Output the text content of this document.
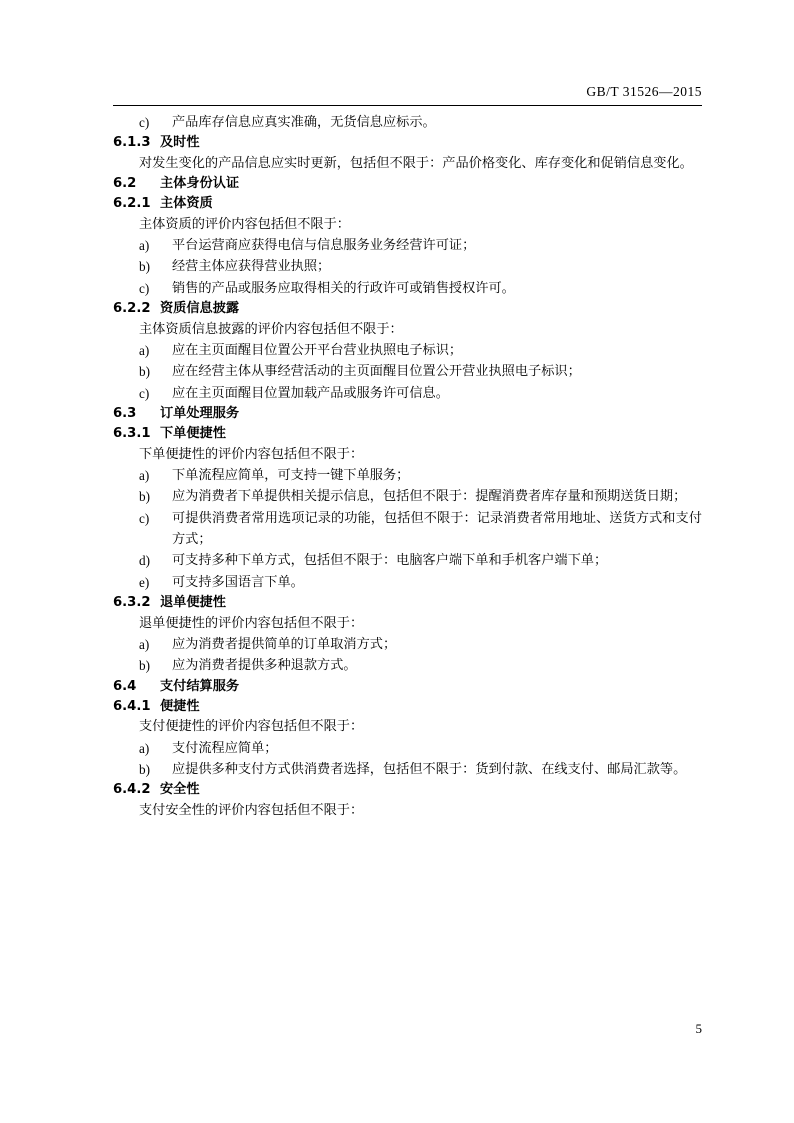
GB/T 31526—2015
c)	产品库存信息应真实准确，无货信息应标示。
6.1.3 及时性

对发生变化的产品信息应实时更新，包括但不限于：产品价格变化、库存变化和促销信息变化。

6.2 主体身份认证
6.2.1 主体资质

主体资质的评价内容包括但不限于：

a)	平台运营商应获得电信与信息服务业务经营许可证；
b)	经营主体应获得营业执照；
c)	销售的产品或服务应取得相关的行政许可或销售授权许可。
6.2.2 资质信息披露

主体资质信息披露的评价内容包括但不限于：

a)	应在主页面醒目位置公开平台营业执照电子标识；
b)	应在经营主体从事经营活动的主页面醒目位置公开营业执照电子标识；
c)	应在主页面醒目位置加载产品或服务许可信息。
6.3 订单处理服务
6.3.1 下单便捷性

下单便捷性的评价内容包括但不限于：

a)	下单流程应简单，可支持一键下单服务；
b)	应为消费者下单提供相关提示信息，包括但不限于：提醒消费者库存量和预期送货日期；
c)	可提供消费者常用选项记录的功能，包括但不限于：记录消费者常用地址、送货方式和支付方式；
d)	可支持多种下单方式，包括但不限于：电脑客户端下单和手机客户端下单；
e)	可支持多国语言下单。
6.3.2 退单便捷性

退单便捷性的评价内容包括但不限于：

a)	应为消费者提供简单的订单取消方式；
b)	应为消费者提供多种退款方式。
6.4 支付结算服务
6.4.1 便捷性

支付便捷性的评价内容包括但不限于：

a)	支付流程应简单；
b)	应提供多种支付方式供消费者选择，包括但不限于：货到付款、在线支付、邮局汇款等。
6.4.2 安全性

支付安全性的评价内容包括但不限于：

5
